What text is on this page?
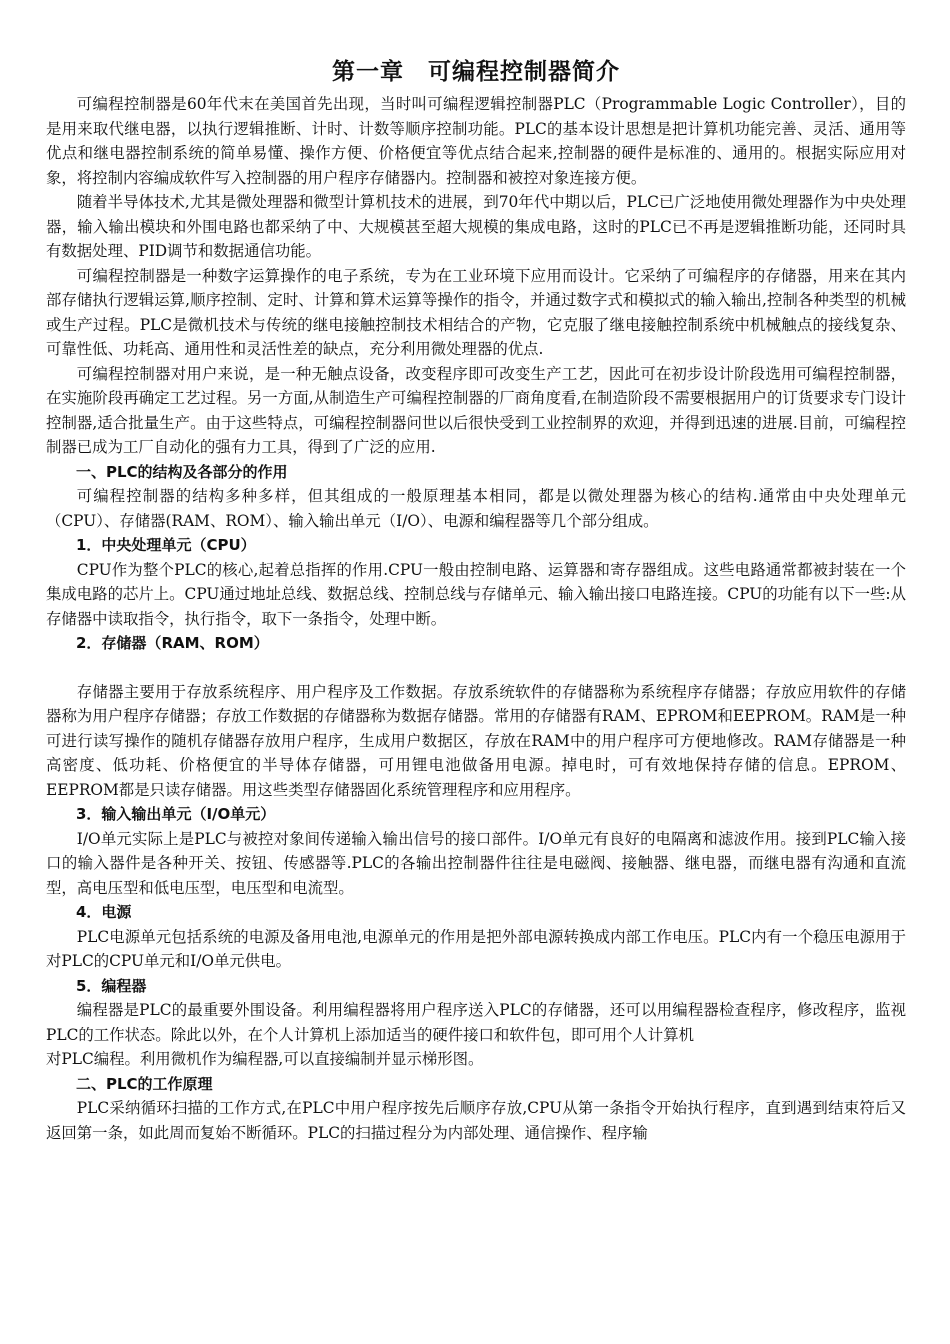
第一章　可编程控制器简介

可编程控制器是60年代末在美国首先出现，当时叫可编程逻辑控制器PLC（Programmable Logic Controller），目的是用来取代继电器，以执行逻辑推断、计时、计数等顺序控制功能。PLC的基本设计思想是把计算机功能完善、灵活、通用等优点和继电器控制系统的简单易懂、操作方便、价格便宜等优点结合起来,控制器的硬件是标准的、通用的。根据实际应用对象，将控制内容编成软件写入控制器的用户程序存储器内。控制器和被控对象连接方便。

随着半导体技术,尤其是微处理器和微型计算机技术的进展，到70年代中期以后，PLC已广泛地使用微处理器作为中央处理器，输入输出模块和外围电路也都采纳了中、大规模甚至超大规模的集成电路，这时的PLC已不再是逻辑推断功能，还同时具有数据处理、PID调节和数据通信功能。

可编程控制器是一种数字运算操作的电子系统，专为在工业环境下应用而设计。它采纳了可编程序的存储器，用来在其内部存储执行逻辑运算,顺序控制、定时、计算和算术运算等操作的指令，并通过数字式和模拟式的输入输出,控制各种类型的机械或生产过程。PLC是微机技术与传统的继电接触控制技术相结合的产物，它克服了继电接触控制系统中机械触点的接线复杂、可靠性低、功耗高、通用性和灵活性差的缺点，充分利用微处理器的优点.

可编程控制器对用户来说，是一种无触点设备，改变程序即可改变生产工艺，因此可在初步设计阶段选用可编程控制器，在实施阶段再确定工艺过程。另一方面,从制造生产可编程控制器的厂商角度看,在制造阶段不需要根据用户的订货要求专门设计控制器,适合批量生产。由于这些特点，可编程控制器问世以后很快受到工业控制界的欢迎，并得到迅速的进展.目前，可编程控制器已成为工厂自动化的强有力工具，得到了广泛的应用.

一、PLC的结构及各部分的作用

可编程控制器的结构多种多样，但其组成的一般原理基本相同，都是以微处理器为核心的结构.通常由中央处理单元（CPU）、存储器(RAM、ROM）、输入输出单元（I/O）、电源和编程器等几个部分组成。

1．中央处理单元（CPU）

CPU作为整个PLC的核心,起着总指挥的作用.CPU一般由控制电路、运算器和寄存器组成。这些电路通常都被封装在一个集成电路的芯片上。CPU通过地址总线、数据总线、控制总线与存储单元、输入输出接口电路连接。CPU的功能有以下一些:从存储器中读取指令，执行指令，取下一条指令，处理中断。

2．存储器（RAM、ROM）

存储器主要用于存放系统程序、用户程序及工作数据。存放系统软件的存储器称为系统程序存储器；存放应用软件的存储器称为用户程序存储器；存放工作数据的存储器称为数据存储器。常用的存储器有RAM、EPROM和EEPROM。RAM是一种可进行读写操作的随机存储器存放用户程序，生成用户数据区，存放在RAM中的用户程序可方便地修改。RAM存储器是一种高密度、低功耗、价格便宜的半导体存储器，可用锂电池做备用电源。掉电时，可有效地保持存储的信息。EPROM、EEPROM都是只读存储器。用这些类型存储器固化系统管理程序和应用程序。

3．输入输出单元（I/O单元）

I/O单元实际上是PLC与被控对象间传递输入输出信号的接口部件。I/O单元有良好的电隔离和滤波作用。接到PLC输入接口的输入器件是各种开关、按钮、传感器等.PLC的各输出控制器件往往是电磁阀、接触器、继电器，而继电器有沟通和直流型，高电压型和低电压型，电压型和电流型。

4．电源

PLC电源单元包括系统的电源及备用电池,电源单元的作用是把外部电源转换成内部工作电压。PLC内有一个稳压电源用于对PLC的CPU单元和I/O单元供电。

5．编程器

编程器是PLC的最重要外围设备。利用编程器将用户程序送入PLC的存储器，还可以用编程器检查程序，修改程序，监视PLC的工作状态。除此以外，在个人计算机上添加适当的硬件接口和软件包，即可用个人计算机

对PLC编程。利用微机作为编程器,可以直接编制并显示梯形图。

二、PLC的工作原理

PLC采纳循环扫描的工作方式,在PLC中用户程序按先后顺序存放,CPU从第一条指令开始执行程序，直到遇到结束符后又返回第一条，如此周而复始不断循环。PLC的扫描过程分为内部处理、通信操作、程序输
